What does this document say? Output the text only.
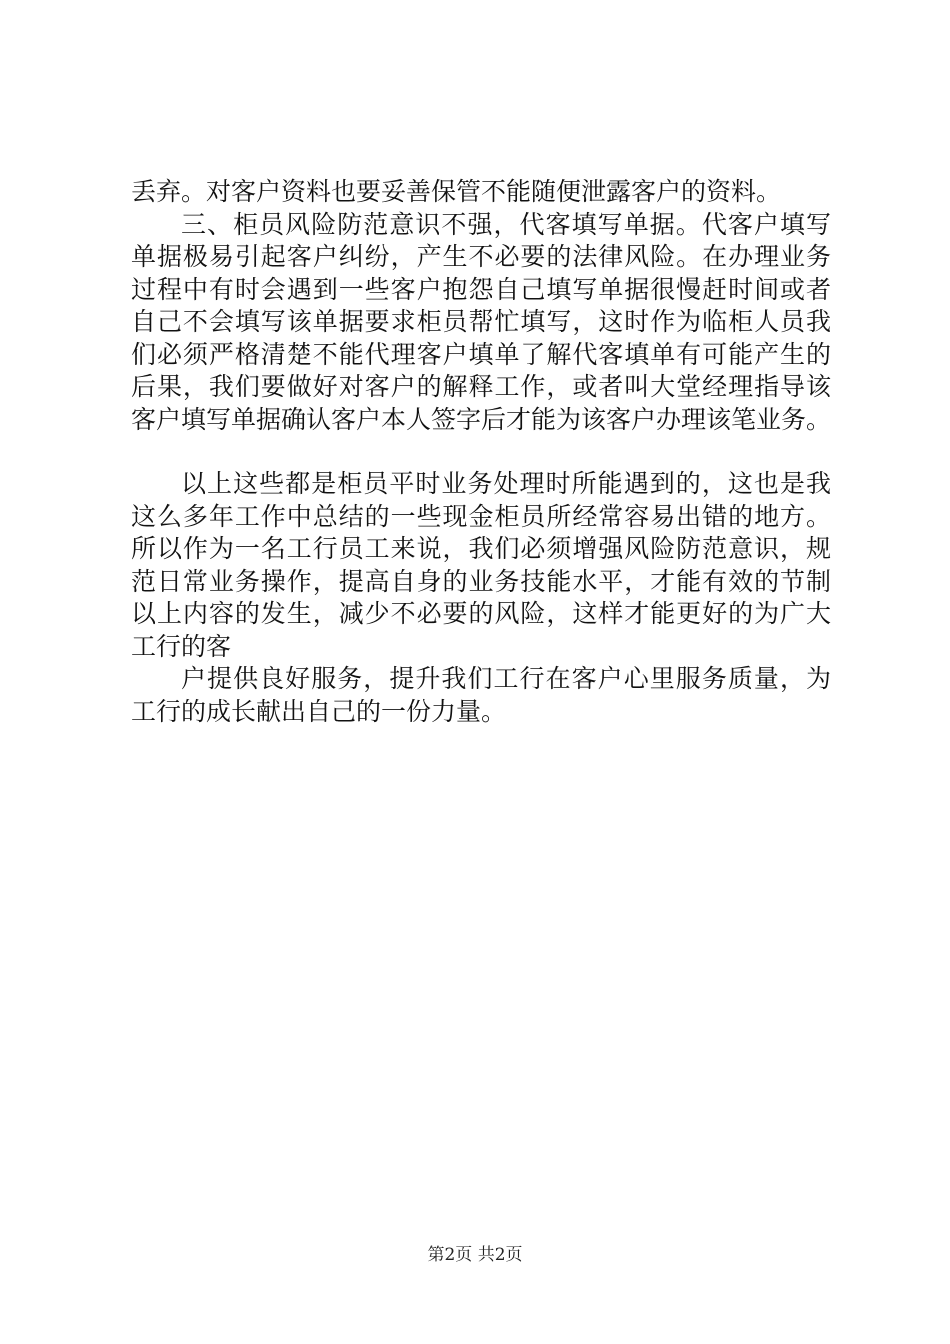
丢弃。对客户资料也要妥善保管不能随便泄露客户的资料。
三、柜员风险防范意识不强，代客填写单据。代客户填写
单据极易引起客户纠纷，产生不必要的法律风险。在办理业务
过程中有时会遇到一些客户抱怨自己填写单据很慢赶时间或者
自己不会填写该单据要求柜员帮忙填写，这时作为临柜人员我
们必须严格清楚不能代理客户填单了解代客填单有可能产生的
后果，我们要做好对客户的解释工作，或者叫大堂经理指导该
客户填写单据确认客户本人签字后才能为该客户办理该笔业务。
以上这些都是柜员平时业务处理时所能遇到的，这也是我
这么多年工作中总结的一些现金柜员所经常容易出错的地方。
所以作为一名工行员工来说，我们必须增强风险防范意识，规
范日常业务操作，提高自身的业务技能水平，才能有效的节制
以上内容的发生，减少不必要的风险，这样才能更好的为广大
工行的客
户提供良好服务，提升我们工行在客户心里服务质量，为
工行的成长献出自己的一份力量。
第2页 共2页
